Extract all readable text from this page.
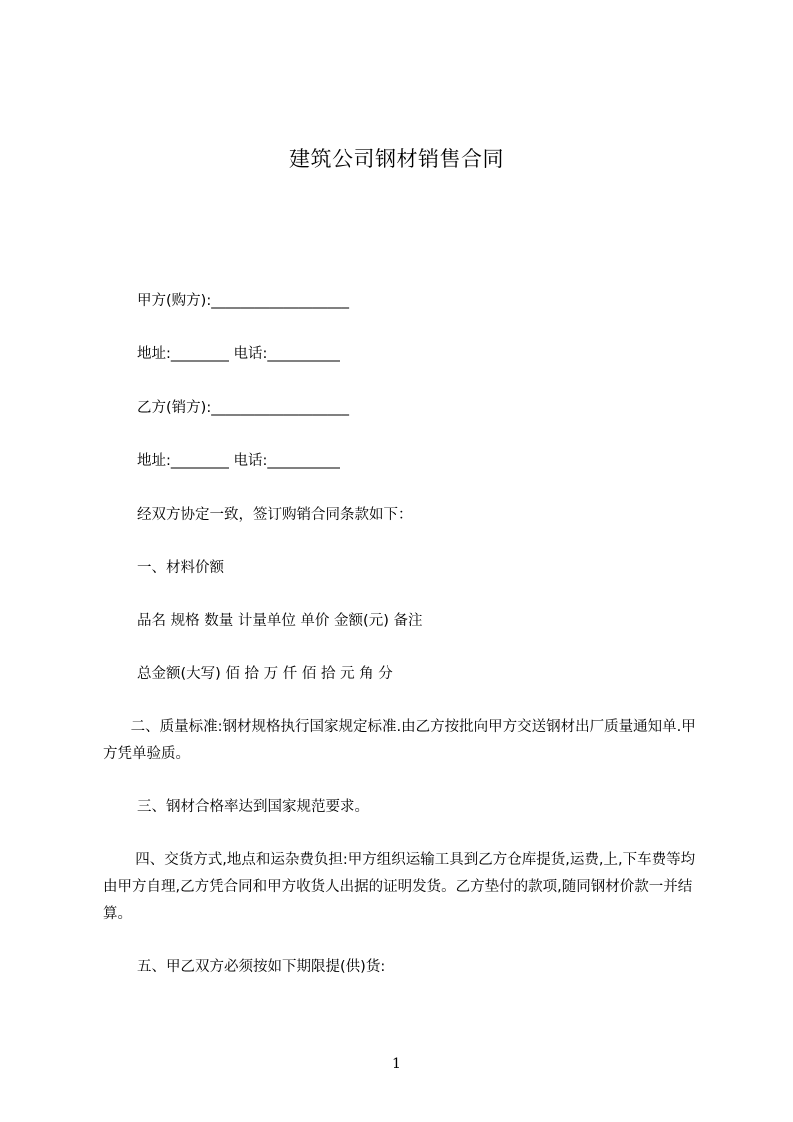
建筑公司钢材销售合同
甲方(购方):___________________
地址:________ 电话:__________
乙方(销方):___________________
地址:________ 电话:__________
经双方协定一致，签订购销合同条款如下：
一、材料价额
品名 规格 数量 计量单位 单价 金额(元) 备注
总金额(大写) 佰 拾 万 仟 佰 拾 元 角 分
二、质量标准:钢材规格执行国家规定标准.由乙方按批向甲方交送钢材出厂质量通知单.甲方凭单验质。
三、钢材合格率达到国家规范要求。
四、交货方式,地点和运杂费负担:甲方组织运输工具到乙方仓库提货,运费,上,下车费等均由甲方自理,乙方凭合同和甲方收货人出据的证明发货。乙方垫付的款项,随同钢材价款一并结算。
五、甲乙双方必须按如下期限提(供)货:
1
